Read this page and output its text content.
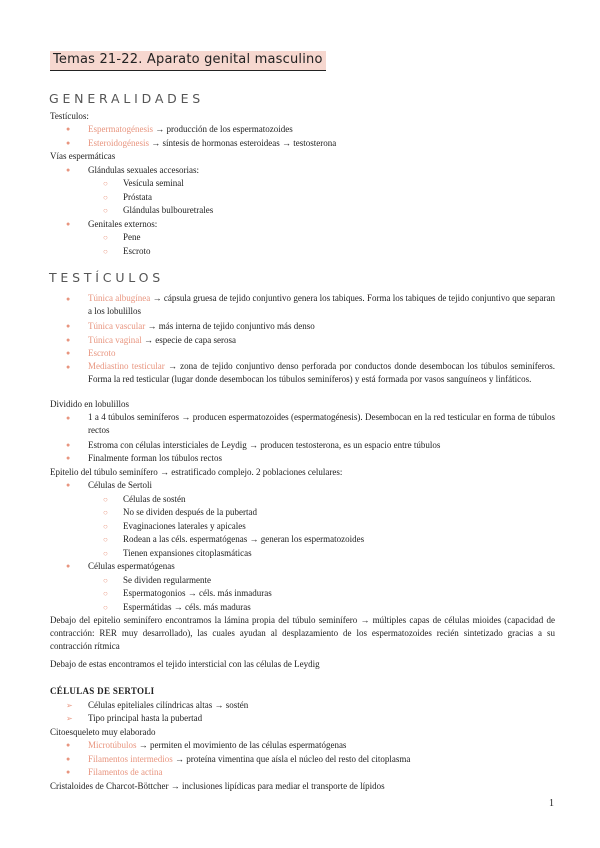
Temas 21-22. Aparato genital masculino
GENERALIDADES
Testículos:
● Espermatogénesis → producción de los espermatozoides
● Esteroidogénesis → síntesis de hormonas esteroideas → testosterona
Vías espermáticas
● Glándulas sexuales accesorias:
○ Vesícula seminal
○ Próstata
○ Glándulas bulbouretrales
● Genitales externos:
○ Pene
○ Escroto
TESTÍCULOS
● Túnica albugínea → cápsula gruesa de tejido conjuntivo genera los tabiques. Forma los tabiques de tejido conjuntivo que separan a los lobulillos
● Túnica vascular → más interna de tejido conjuntivo más denso
● Túnica vaginal → especie de capa serosa
● Escroto
● Mediastino testicular → zona de tejido conjuntivo denso perforada por conductos donde desembocan los túbulos seminíferos. Forma la red testicular (lugar donde desembocan los túbulos seminíferos) y está formada por vasos sanguíneos y linfáticos.
Dividido en lobulillos
● 1 a 4 túbulos seminíferos → producen espermatozoides (espermatogénesis). Desembocan en la red testicular en forma de túbulos rectos
● Estroma con células intersticiales de Leydig → producen testosterona, es un espacio entre túbulos
● Finalmente forman los túbulos rectos
Epitelio del túbulo seminífero → estratificado complejo. 2 poblaciones celulares:
● Células de Sertoli
○ Células de sostén
○ No se dividen después de la pubertad
○ Evaginaciones laterales y apicales
○ Rodean a las céls. espermatógenas → generan los espermatozoides
○ Tienen expansiones citoplasmáticas
● Células espermatógenas
○ Se dividen regularmente
○ Espermatogonios → céls. más inmaduras
○ Espermátidas → céls. más maduras
Debajo del epitelio seminífero encontramos la lámina propia del túbulo seminífero → múltiples capas de células mioides (capacidad de contracción: RER muy desarrollado), las cuales ayudan al desplazamiento de los espermatozoides recién sintetizado gracias a su contracción rítmica
Debajo de estas encontramos el tejido intersticial con las células de Leydig
CÉLULAS DE SERTOLI
➢ Células epiteliales cilíndricas altas → sostén
➢ Tipo principal hasta la pubertad
Citoesqueleto muy elaborado
● Microtúbulos → permiten el movimiento de las células espermatógenas
● Filamentos intermedios → proteína vimentina que aísla el núcleo del resto del citoplasma
● Filamentos de actina
Cristaloides de Charcot-Böttcher → inclusiones lipídicas para mediar el transporte de lípidos
1
